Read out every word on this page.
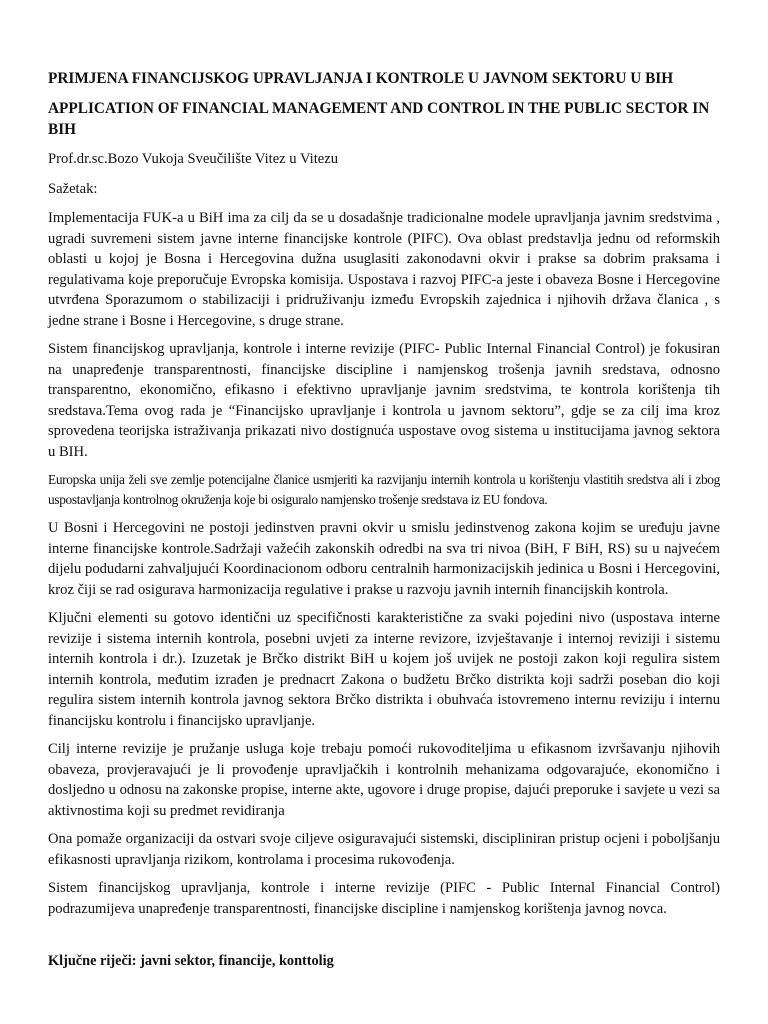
PRIMJENA FINANCIJSKOG UPRAVLJANJA I KONTROLE U JAVNOM SEKTORU U BIH
APPLICATION OF FINANCIAL MANAGEMENT AND CONTROL IN THE PUBLIC SECTOR IN BIH
Prof.dr.sc.Bozo Vukoja Sveučilište Vitez u Vitezu
Sažetak:
Implementacija FUK-a u BiH ima za cilj da se u dosadašnje tradicionalne modele upravljanja javnim sredstvima , ugradi suvremeni sistem javne interne financijske kontrole (PIFC). Ova oblast predstavlja jednu od reformskih oblasti u kojoj je Bosna i Hercegovina dužna usuglasiti zakonodavni okvir i prakse sa dobrim praksama i regulativama koje preporučuje Evropska komisija. Uspostava i razvoj PIFC-a jeste i obaveza Bosne i Hercegovine utvrđena Sporazumom o stabilizaciji i pridruživanju između Evropskih zajednica i njihovih država članica , s jedne strane i Bosne i Hercegovine, s druge strane.
Sistem financijskog upravljanja, kontrole i interne revizije (PIFC- Public Internal Financial Control) je fokusiran na unapređenje transparentnosti, financijske discipline i namjenskog trošenja javnih sredstava, odnosno transparentno, ekonomično, efikasno i efektivno upravljanje javnim sredstvima, te kontrola korištenja tih sredstava.Tema ovog rada je “Financijsko upravljanje i kontrola u javnom sektoru”, gdje se za cilj ima kroz sprovedena teorijska istraživanja prikazati nivo dostignuća uspostave ovog sistema u institucijama javnog sektora u BIH.
Europska unija želi sve zemlje potencijalne članice usmjeriti ka razvijanju internih kontrola u korištenju vlastitih sredstva ali i zbog uspostavljanja kontrolnog okruženja koje bi osiguralo namjensko trošenje sredstava iz EU fondova.
U Bosni i Hercegovini ne postoji jedinstven pravni okvir u smislu jedinstvenog zakona kojim se uređuju javne interne financijske kontrole.Sadržaji važećih zakonskih odredbi na sva tri nivoa (BiH, F BiH, RS) su u najvećem dijelu podudarni zahvaljujući Koordinacionom odboru centralnih harmonizacijskih jedinica u Bosni i Hercegovini, kroz čiji se rad osigurava harmonizacija regulative i prakse u razvoju javnih internih financijskih kontrola.
Ključni elementi su gotovo identični uz specifičnosti karakteristične za svaki pojedini nivo (uspostava interne revizije i sistema internih kontrola, posebni uvjeti za interne revizore, izvještavanje i internoj reviziji i sistemu internih kontrola i dr.). Izuzetak je Brčko distrikt BiH u kojem još uvijek ne postoji zakon koji regulira sistem internih kontrola, međutim izrađen je prednacrt Zakona o budžetu Brčko distrikta koji sadrži poseban dio koji regulira sistem internih kontrola javnog sektora Brčko distrikta i obuhvaća istovremeno internu reviziju i internu financijsku kontrolu i financijsko upravljanje.
Cilj interne revizije je pružanje usluga koje trebaju pomoći rukovoditeljima u efikasnom izvršavanju njihovih obaveza, provjeravajući je li provođenje upravljačkih i kontrolnih mehanizama odgovarajuće, ekonomično i dosljedno u odnosu na zakonske propise, interne akte, ugovore i druge propise, dajući preporuke i savjete u vezi sa aktivnostima koji su predmet revidiranja
Ona pomaže organizaciji da ostvari svoje ciljeve osiguravajući sistemski, discipliniran pristup ocjeni i poboljšanju efikasnosti upravljanja rizikom, kontrolama i procesima rukovođenja.
Sistem financijskog upravljanja, kontrole i interne revizije (PIFC - Public Internal Financial Control) podrazumijeva unapređenje transparentnosti, financijske discipline i namjenskog korištenja javnog novca.
Ključne riječi: javni sektor, financije, konttolig
